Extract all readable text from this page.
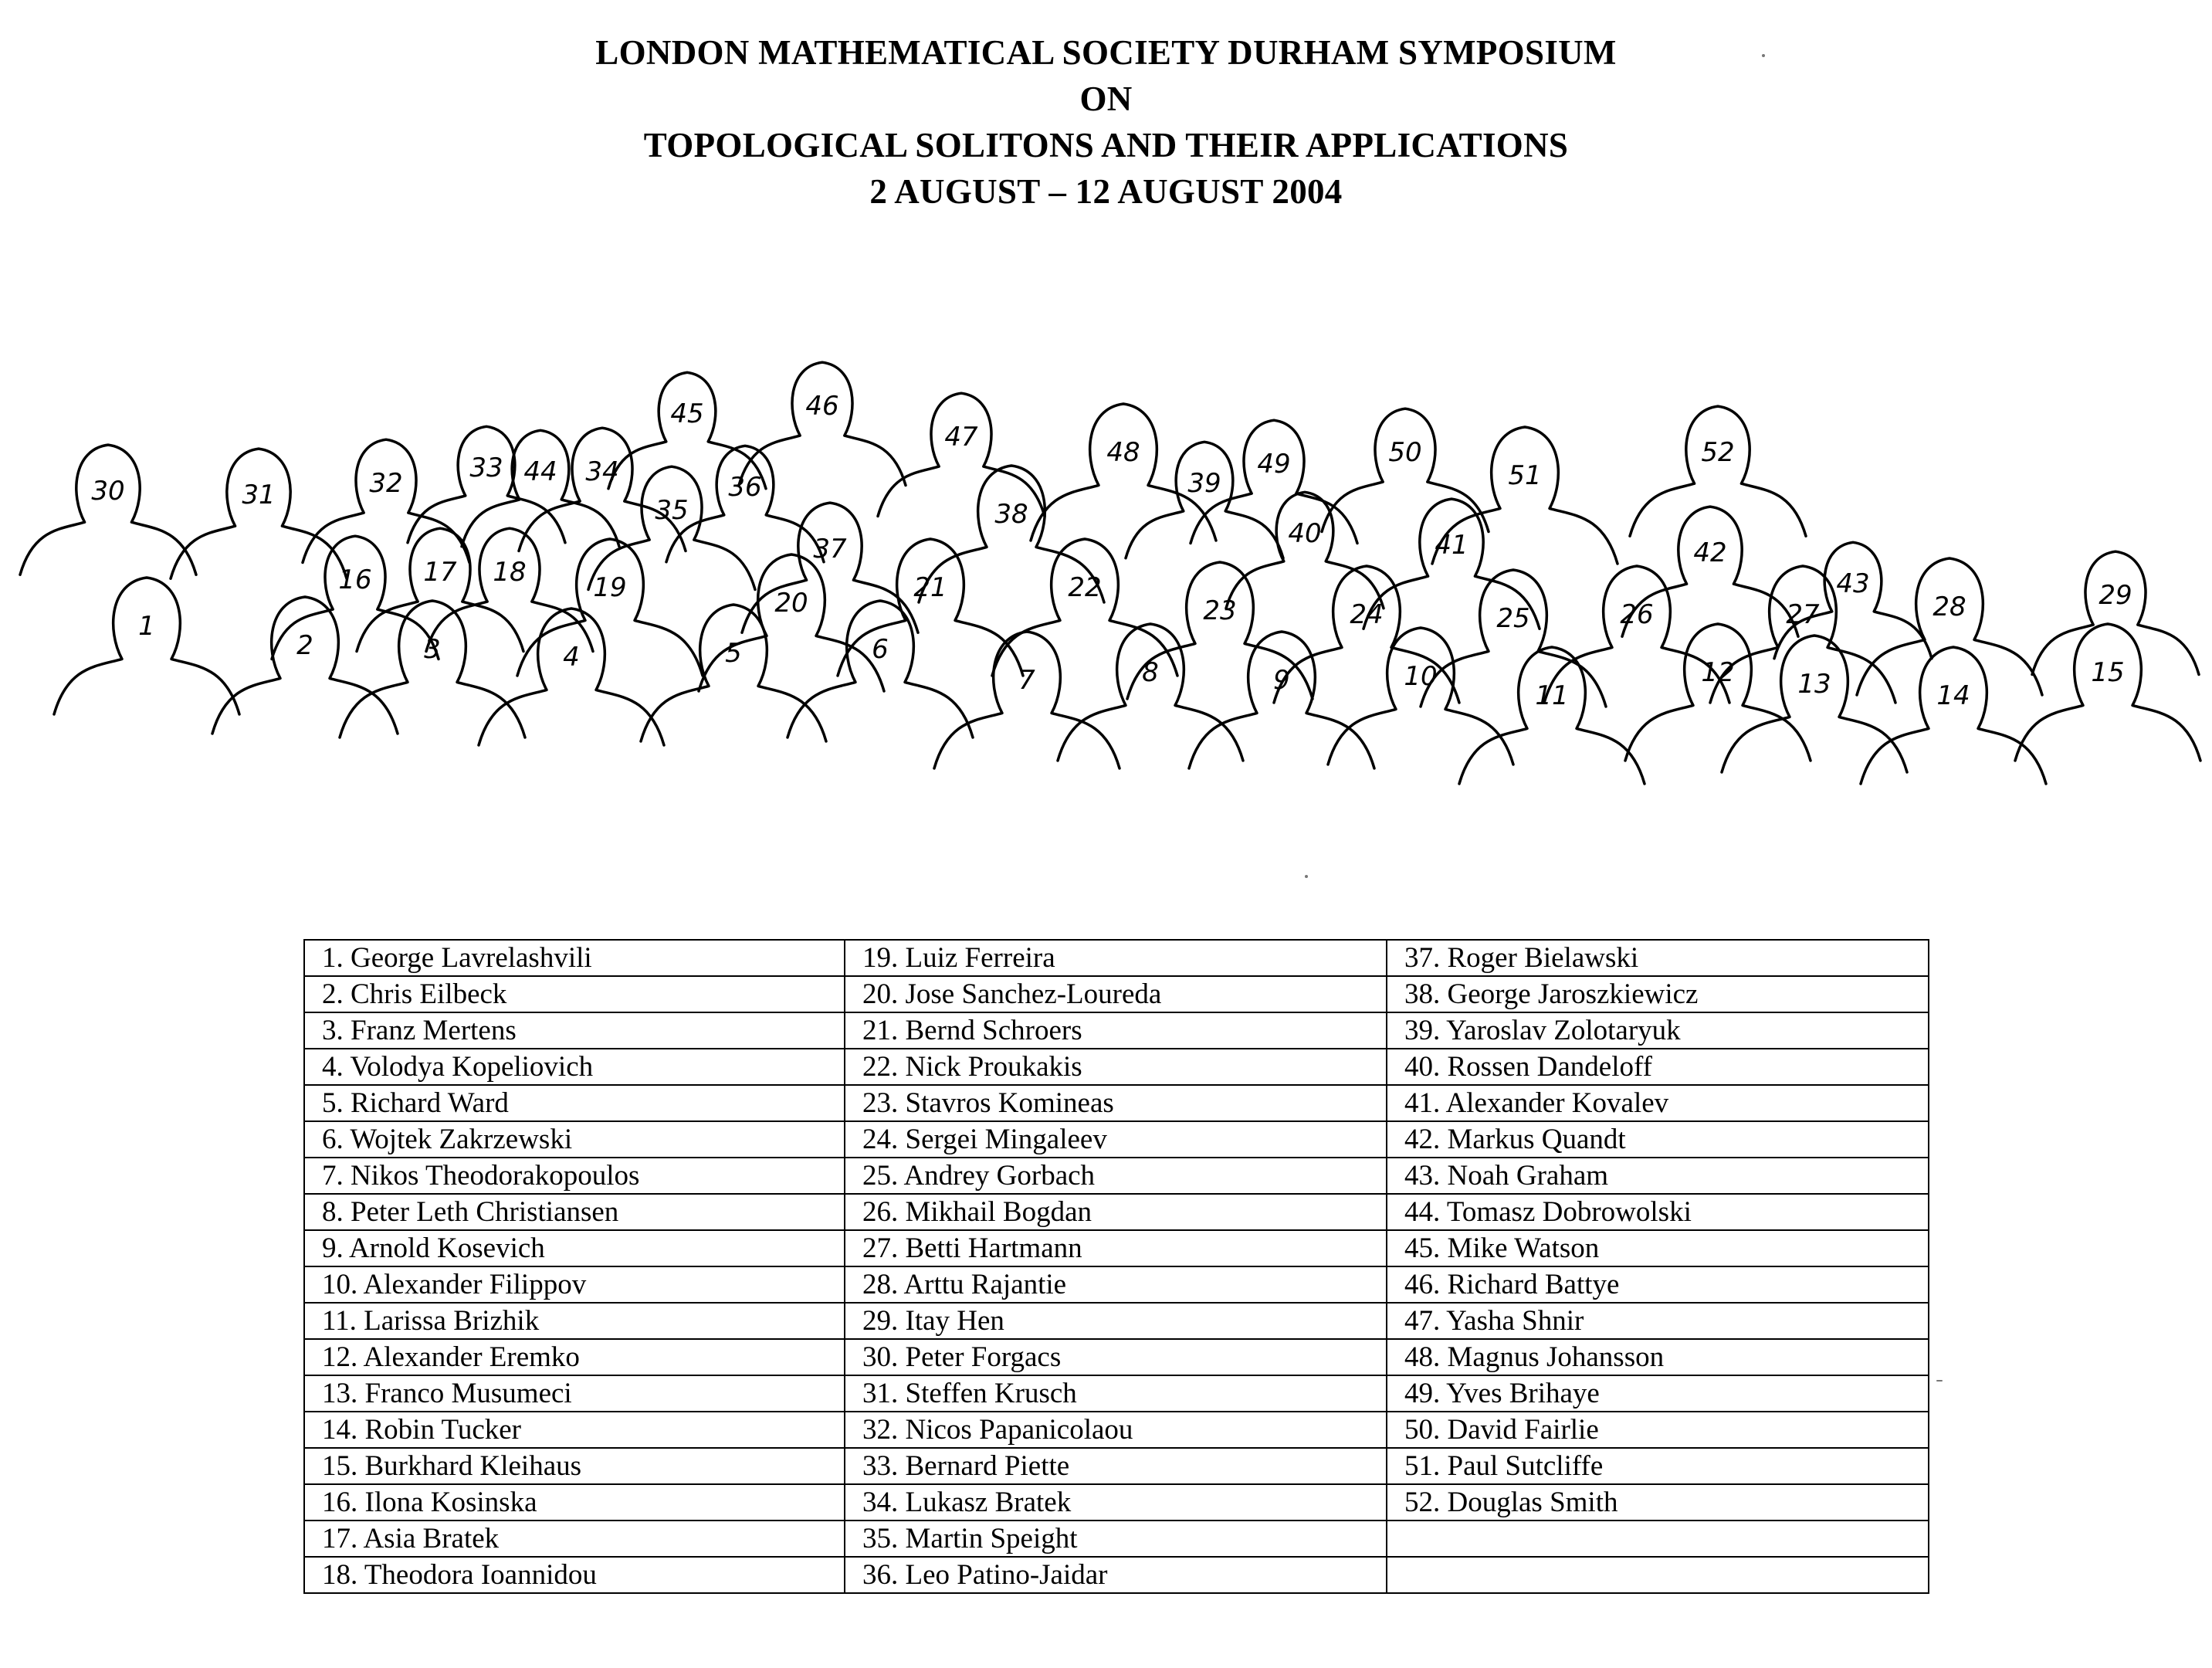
LONDON MATHEMATICAL SOCIETY DURHAM SYMPOSIUM
ON
TOPOLOGICAL SOLITONS AND THEIR APPLICATIONS
2 AUGUST – 12 AUGUST 2004
1
2	3	4	5	6
7	8	9	10
11
12 13	14
15
16 17 18	19	20	21	22
23	24	25	26	27	28	29
30	31	32	33	34
35
36
37
38
39
40	41	42
43
44
45	46
47	48	49	50
51
52
1. George Lavrelashvili	19. Luiz Ferreira	37. Roger Bielawski
2. Chris Eilbeck	20. Jose Sanchez-Loureda	38. George Jaroszkiewicz
3. Franz Mertens	21. Bernd Schroers	39. Yaroslav Zolotaryuk
4. Volodya Kopeliovich	22. Nick Proukakis	40. Rossen Dandeloff
5. Richard Ward	23. Stavros Komineas	41. Alexander Kovalev
6. Wojtek Zakrzewski	24. Sergei Mingaleev	42. Markus Quandt
7. Nikos Theodorakopoulos	25. Andrey Gorbach	43. Noah Graham
8. Peter Leth Christiansen	26. Mikhail Bogdan	44. Tomasz Dobrowolski
9. Arnold Kosevich	27. Betti Hartmann	45. Mike Watson
10. Alexander Filippov	28. Arttu Rajantie	46. Richard Battye
11. Larissa Brizhik	29. Itay Hen	47. Yasha Shnir
12. Alexander Eremko	30. Peter Forgacs	48. Magnus Johansson
13. Franco Musumeci	31. Steffen Krusch	49. Yves Brihaye
14. Robin Tucker	32. Nicos Papanicolaou	50. David Fairlie
15. Burkhard Kleihaus	33. Bernard Piette	51. Paul Sutcliffe
16. Ilona Kosinska	34. Lukasz Bratek	52. Douglas Smith
17. Asia Bratek	35. Martin Speight	
18. Theodora Ioannidou	36. Leo Patino-Jaidar	
